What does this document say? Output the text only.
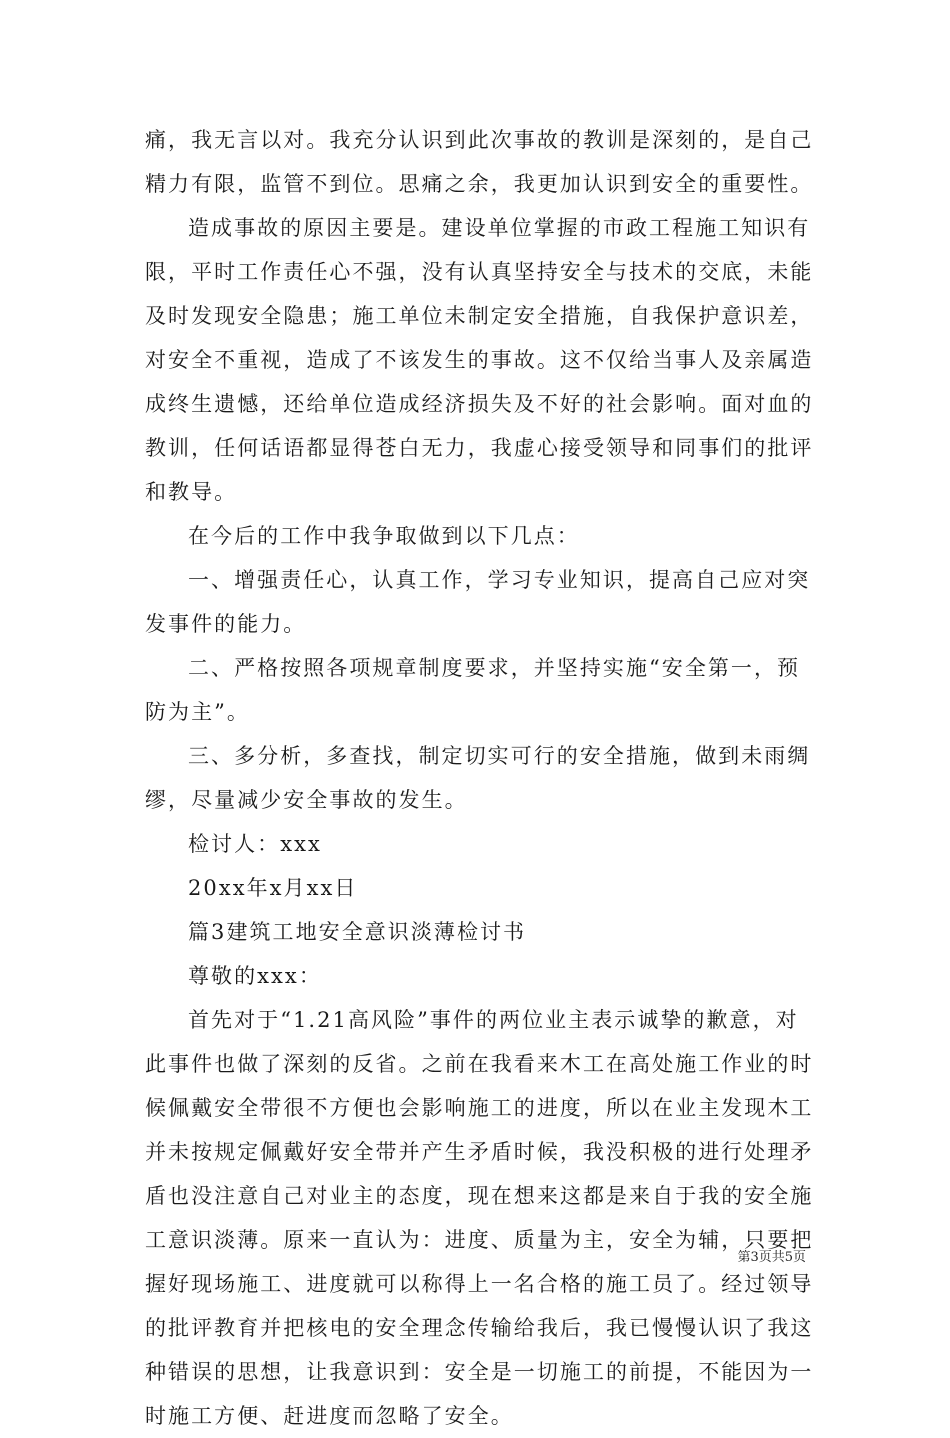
痛，我无言以对。我充分认识到此次事故的教训是深刻的，是自己
精力有限，监管不到位。思痛之余，我更加认识到安全的重要性。
造成事故的原因主要是。建设单位掌握的市政工程施工知识有
限，平时工作责任心不强，没有认真坚持安全与技术的交底，未能
及时发现安全隐患；施工单位未制定安全措施，自我保护意识差，
对安全不重视，造成了不该发生的事故。这不仅给当事人及亲属造
成终生遗憾，还给单位造成经济损失及不好的社会影响。面对血的
教训，任何话语都显得苍白无力，我虚心接受领导和同事们的批评
和教导。
在今后的工作中我争取做到以下几点：
一、增强责任心，认真工作，学习专业知识，提高自己应对突
发事件的能力。
二、严格按照各项规章制度要求，并坚持实施“安全第一，预
防为主”。
三、多分析，多查找，制定切实可行的安全措施，做到未雨绸
缪，尽量减少安全事故的发生。
检讨人：xxx
20xx年x月xx日
篇3建筑工地安全意识淡薄检讨书
尊敬的xxx：
首先对于“1.21高风险”事件的两位业主表示诚挚的歉意，对
此事件也做了深刻的反省。之前在我看来木工在高处施工作业的时
候佩戴安全带很不方便也会影响施工的进度，所以在业主发现木工
并未按规定佩戴好安全带并产生矛盾时候，我没积极的进行处理矛
盾也没注意自己对业主的态度，现在想来这都是来自于我的安全施
工意识淡薄。原来一直认为：进度、质量为主，安全为辅，只要把
握好现场施工、进度就可以称得上一名合格的施工员了。经过领导
的批评教育并把核电的安全理念传输给我后，我已慢慢认识了我这
种错误的思想，让我意识到：安全是一切施工的前提，不能因为一
时施工方便、赶进度而忽略了安全。
第3页共5页
